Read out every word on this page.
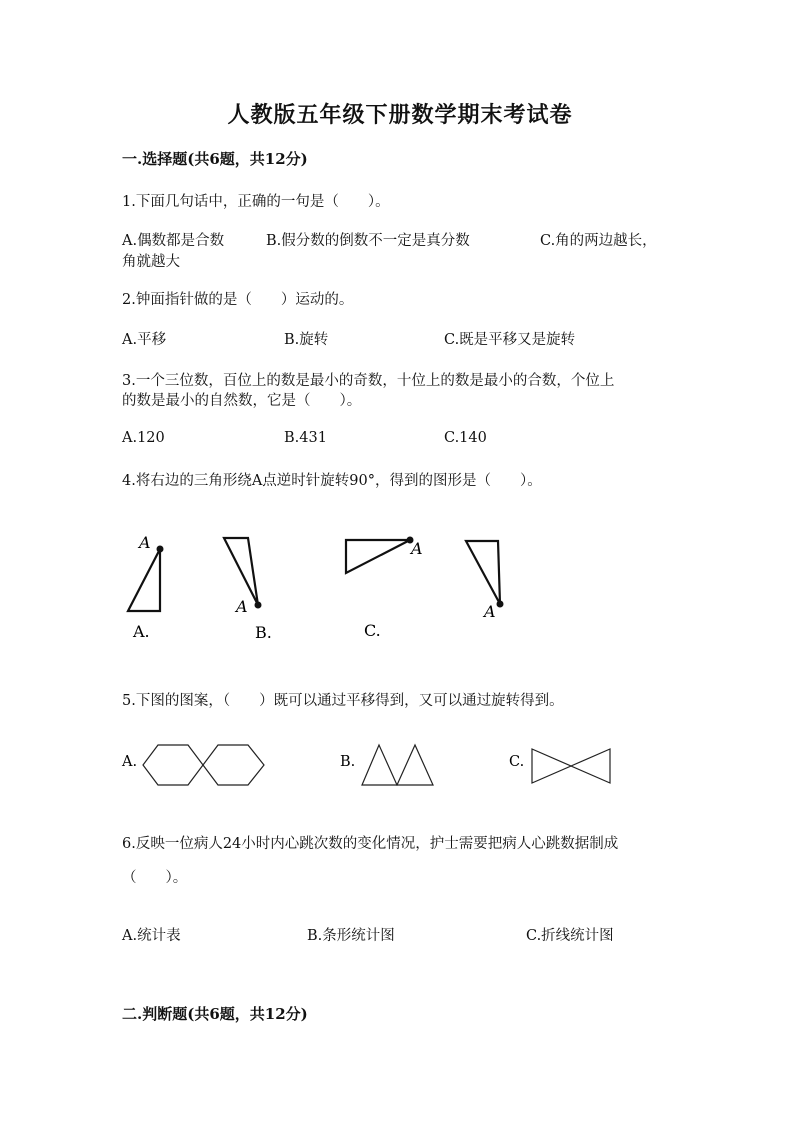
人教版五年级下册数学期末考试卷
一.选择题(共6题，共12分)
1.下面几句话中，正确的一句是（　　）。
A.偶数都是合数	B.假分数的倒数不一定是真分数	C.角的两边越长，
角就越大
2.钟面指针做的是（　　）运动的。
A.平移	B.旋转	C.既是平移又是旋转
3.一个三位数，百位上的数是最小的奇数，十位上的数是最小的合数，个位上
的数是最小的自然数，它是（　　）。
A.120	B.431	C.140
4.将右边的三角形绕A点逆时针旋转90°，得到的图形是（　　）。
A
A.
A
B.
A
C.
A
5.下图的图案，（　　）既可以通过平移得到，又可以通过旋转得到。
A.	B.	C.
6.反映一位病人24小时内心跳次数的变化情况，护士需要把病人心跳数据制成
（　　）。
A.统计表	B.条形统计图	C.折线统计图
二.判断题(共6题，共12分)
